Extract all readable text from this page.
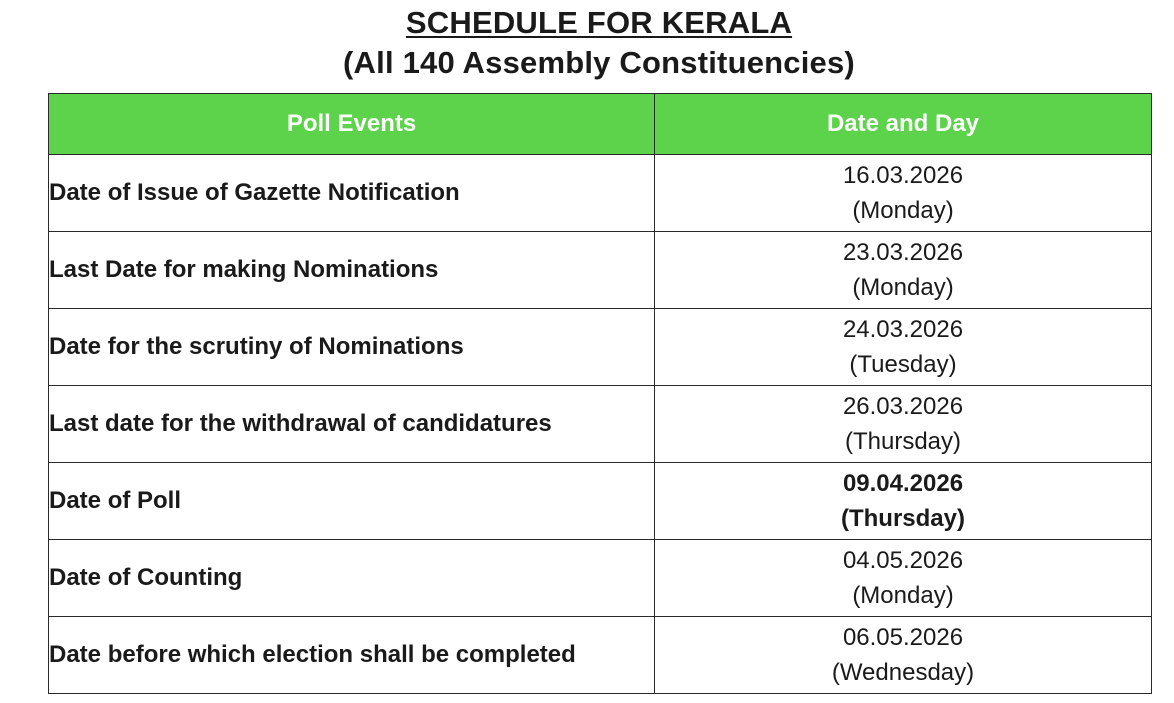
SCHEDULE FOR KERALA
(All 140 Assembly Constituencies)
Poll Events	Date and Day
Date of Issue of Gazette Notification	16.03.2026
(Monday)

Last Date for making Nominations	23.03.2026
(Monday)

Date for the scrutiny of Nominations	24.03.2026
(Tuesday)

Last date for the withdrawal of candidatures	26.03.2026
(Thursday)

Date of Poll	09.04.2026
(Thursday)

Date of Counting	04.05.2026
(Monday)

Date before which election shall be completed	06.05.2026
(Wednesday)
